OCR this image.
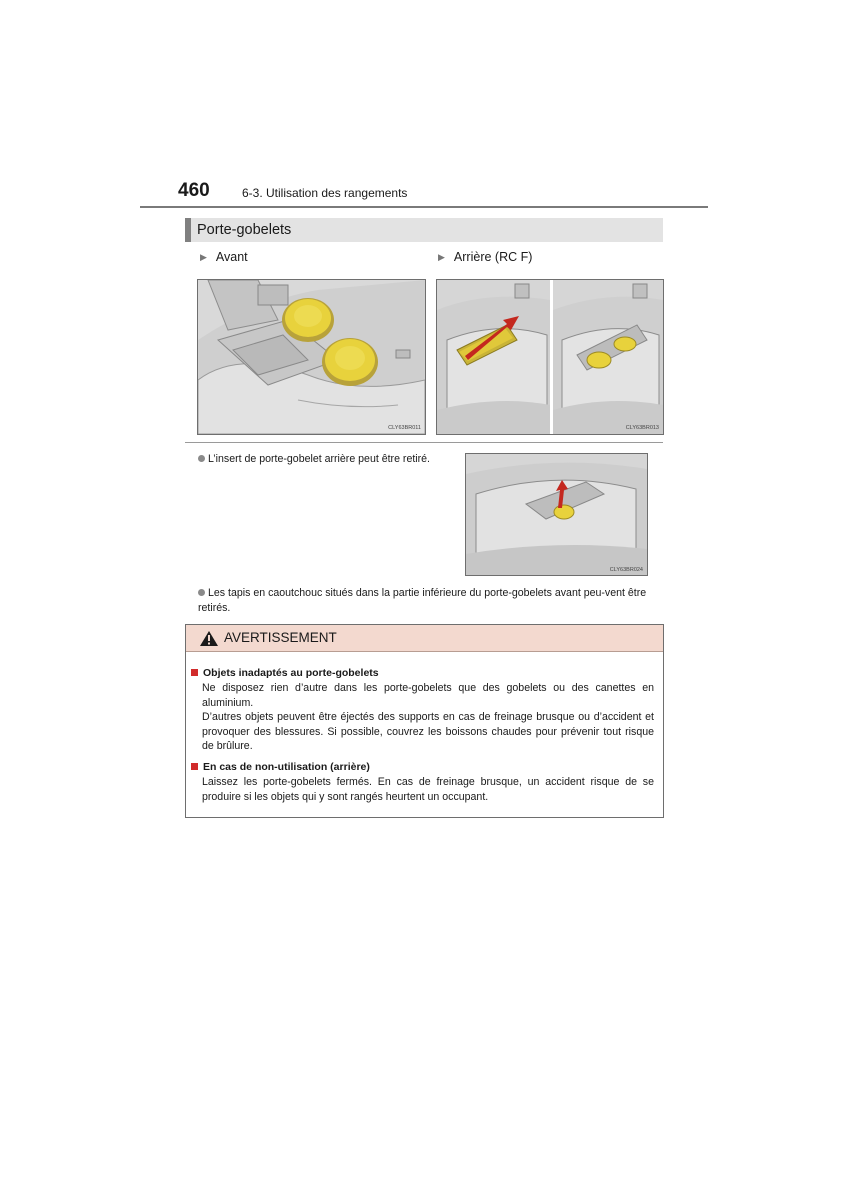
460	6-3. Utilisation des rangements
Porte-gobelets
▶ Avant	▶ Arrière (RC F)
CLY63BR011	CLY63BR013
L’insert de porte-gobelet arrière peut être retiré.
CLY63BR024
Les tapis en caoutchouc situés dans la partie inférieure du porte-gobelets avant peu-vent être retirés.
AVERTISSEMENT
Objets inadaptés au porte-gobelets
Ne disposez rien d’autre dans les porte-gobelets que des gobelets ou des canettes en aluminium.
D’autres objets peuvent être éjectés des supports en cas de freinage brusque ou d’accident et provoquer des blessures. Si possible, couvrez les boissons chaudes pour prévenir tout risque de brûlure.
En cas de non-utilisation (arrière)
Laissez les porte-gobelets fermés. En cas de freinage brusque, un accident risque de se produire si les objets qui y sont rangés heurtent un occupant.
